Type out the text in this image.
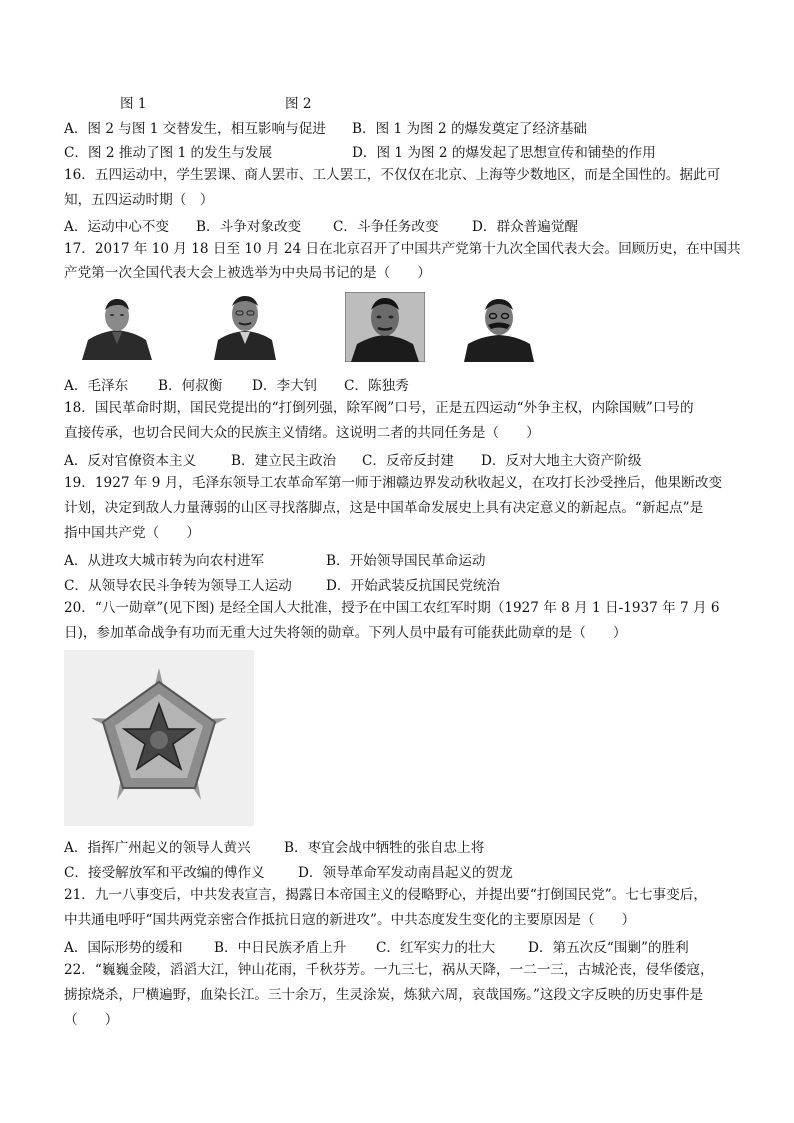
图 1	图 2
A．图 2 与图 1 交替发生，相互影响与促进 B．图 1 为图 2 的爆发奠定了经济基础
C．图 2 推动了图 1 的发生与发展	D．图 1 为图 2 的爆发起了思想宣传和铺垫的作用
16．五四运动中，学生罢课、商人罢市、工人罢工，不仅仅在北京、上海等少数地区，而是全国性的。据此可
知，五四运动时期（　）
A．运动中心不变 B．斗争对象改变 C．斗争任务改变 D．群众普遍觉醒
17．2017 年 10 月 18 日至 10 月 24 日在北京召开了中国共产党第十九次全国代表大会。回顾历史，在中国共
产党第一次全国代表大会上被选举为中央局书记的是（　　）
A．毛泽东 B．何叔衡 D．李大钊 C．陈独秀
18．国民革命时期，国民党提出的“打倒列强，除军阀”口号，正是五四运动“外争主权，内除国贼”口号的
直接传承，也切合民间大众的民族主义情绪。这说明二者的共同任务是（　　）
A．反对官僚资本主义	B．建立民主政治 C．反帝反封建 D．反对大地主大资产阶级
19．1927 年 9 月，毛泽东领导工农革命军第一师于湘赣边界发动秋收起义，在攻打长沙受挫后，他果断改变
计划，决定到敌人力量薄弱的山区寻找落脚点，这是中国革命发展史上具有决定意义的新起点。“新起点”是
指中国共产党（　　）
A．从进攻大城市转为向农村进军	B．开始领导国民革命运动
C．从领导农民斗争转为领导工人运动	D．开始武装反抗国民党统治
20．“八一勋章”(见下图) 是经全国人大批准，授予在中国工农红军时期（1927 年 8 月 1 日-1937 年 7 月 6
日)，参加革命战争有功而无重大过失将领的勋章。下列人员中最有可能获此勋章的是（　　）
A．指挥广州起义的领导人黄兴 B．枣宜会战中牺牲的张自忠上将
C．接受解放军和平改编的傅作义 D．领导革命军发动南昌起义的贺龙
21．九一八事变后，中共发表宣言，揭露日本帝国主义的侵略野心，并提出要“打倒国民党”。七七事变后，
中共通电呼吁“国共两党亲密合作抵抗日寇的新进攻”。中共态度发生变化的主要原因是（　　）
A．国际形势的缓和 B．中日民族矛盾上升 C．红军实力的壮大 D．第五次反“围剿”的胜利
22．“巍巍金陵，滔滔大江，钟山花雨，千秋芬芳。一九三七，祸从天降，一二一三，古城沦丧，侵华倭寇，
掳掠烧杀，尸横遍野，血染长江。三十余万，生灵涂炭，炼狱六周，哀哉国殇。”这段文字反映的历史事件是
（　　）
